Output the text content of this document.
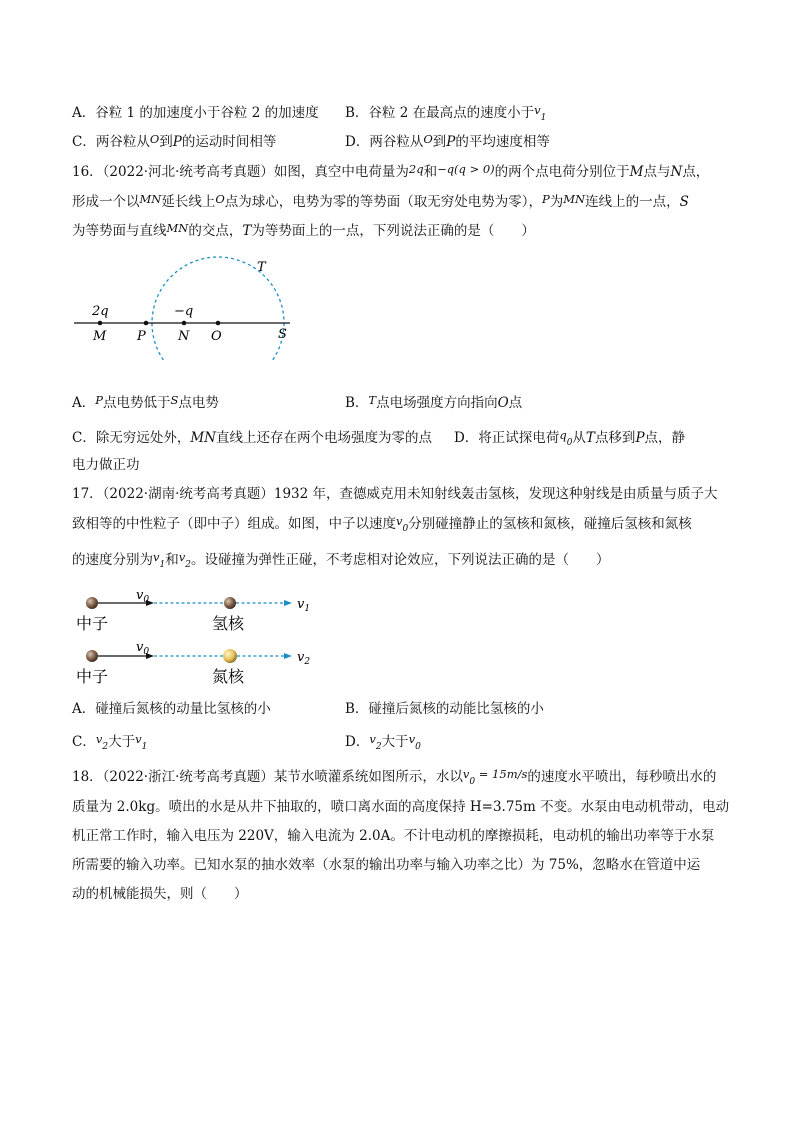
A．谷粒 1 的加速度小于谷粒 2 的加速度 B．谷粒 2 在最高点的速度小于$v_1$
C．两谷粒从O到P的运动时间相等	D．两谷粒从O到P的平均速度相等
16．（2022·河北·统考高考真题）如图，真空中电荷量为2q和−q(q > 0)的两个点电荷分别位于M点与N点，
形成一个以MN延长线上O点为球心，电势为零的等势面（取无穷处电势为零），P为MN连线上的一点，S
为等势面与直线MN的交点，T为等势面上的一点，下列说法正确的是（　　）
T
2q	−q
M P N O	S
A．P点电势低于S点电势	B．T点电场强度方向指向O点
C．除无穷远处外，MN直线上还存在两个电场强度为零的点 D．将正试探电荷$q_0$从T点移到P点，静
电力做正功
17．（2022·湖南·统考高考真题）1932 年，查德威克用未知射线轰击氢核，发现这种射线是由质量与质子大
致相等的中性粒子（即中子）组成。如图，中子以速度$v_0$分别碰撞静止的氢核和氮核，碰撞后氢核和氮核
的速度分别为$v_1$和$v_2$。设碰撞为弹性正碰，不考虑相对论效应，下列说法正确的是（　　）
$v_0$	$v_1$
中子	氢核
$v_0$	$v_2$
中子	氮核
A．碰撞后氮核的动量比氢核的小	B．碰撞后氮核的动能比氢核的小
C．$v_2$大于$v_1$	D．$v_2$大于$v_0$
18．（2022·浙江·统考高考真题）某节水喷灌系统如图所示，水以$v_0 = 15m/s$的速度水平喷出，每秒喷出水的
质量为 2.0kg。喷出的水是从井下抽取的，喷口离水面的高度保持 H=3.75m 不变。水泵由电动机带动，电动
机正常工作时，输入电压为 220V，输入电流为 2.0A。不计电动机的摩擦损耗，电动机的输出功率等于水泵
所需要的输入功率。已知水泵的抽水效率（水泵的输出功率与输入功率之比）为 75%，忽略水在管道中运
动的机械能损失，则（　　）
